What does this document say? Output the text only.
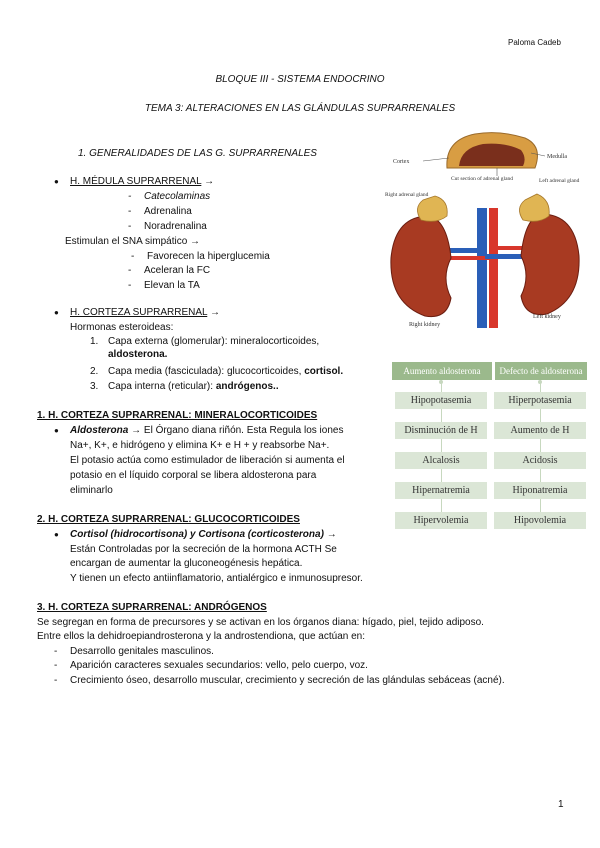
Paloma Cadeb
BLOQUE III - SISTEMA ENDOCRINO
TEMA 3: ALTERACIONES EN LAS GLÁNDULAS SUPRARRENALES
1. GENERALIDADES DE LAS G. SUPRARRENALES
● H. MÉDULA SUPRARRENAL →
- Catecolaminas
- Adrenalina
- Noradrenalina
Estimulan el SNA simpático →
- Favorecen la hiperglucemia
- Aceleran la FC
- Elevan la TA
● H. CORTEZA SUPRARRENAL →
Hormonas esteroideas:
1. Capa externa (glomerular): mineralocorticoides,
aldosterona.
2. Capa media (fasciculada): glucocorticoides, cortisol.
3. Capa interna (reticular): andrógenos..
Cortex
Medulla
Cut section of adrenal gland	Left adrenal gland
Right adrenal gland
Right kidney
Left kidney
Aumento aldosterona	Defecto de aldosterona
Hipopotasemia
Disminución de H
Alcalosis
Hipernatremia
Hipervolemia
Hiperpotasemia
Aumento de H
Acidosis
Hiponatremia
Hipovolemia
1. H. CORTEZA SUPRARRENAL: MINERALOCORTICOIDES
● Aldosterona → El Órgano diana riñón. Esta Regula los iones
Na+, K+, e hidrógeno y elimina K+ e H + y reabsorbe Na+.
El potasio actúa como estimulador de liberación si aumenta el
potasio en el líquido corporal se libera aldosterona para
eliminarlo
2. H. CORTEZA SUPRARRENAL: GLUCOCORTICOIDES
● Cortisol (hidrocortisona) y Cortisona (corticosterona) →
Están Controladas por la secreción de la hormona ACTH Se
encargan de aumentar la gluconeogénesis hepática.
Y tienen un efecto antiinflamatorio, antialérgico e inmunosupresor.
3. H. CORTEZA SUPRARRENAL: ANDRÓGENOS
Se segregan en forma de precursores y se activan en los órganos diana: hígado, piel, tejido adiposo.
Entre ellos la dehidroepiandrosterona y la androstendiona, que actúan en:
- Desarrollo genitales masculinos.
- Aparición caracteres sexuales secundarios: vello, pelo cuerpo, voz.
- Crecimiento óseo, desarrollo muscular, crecimiento y secreción de las glándulas sebáceas (acné).
1
